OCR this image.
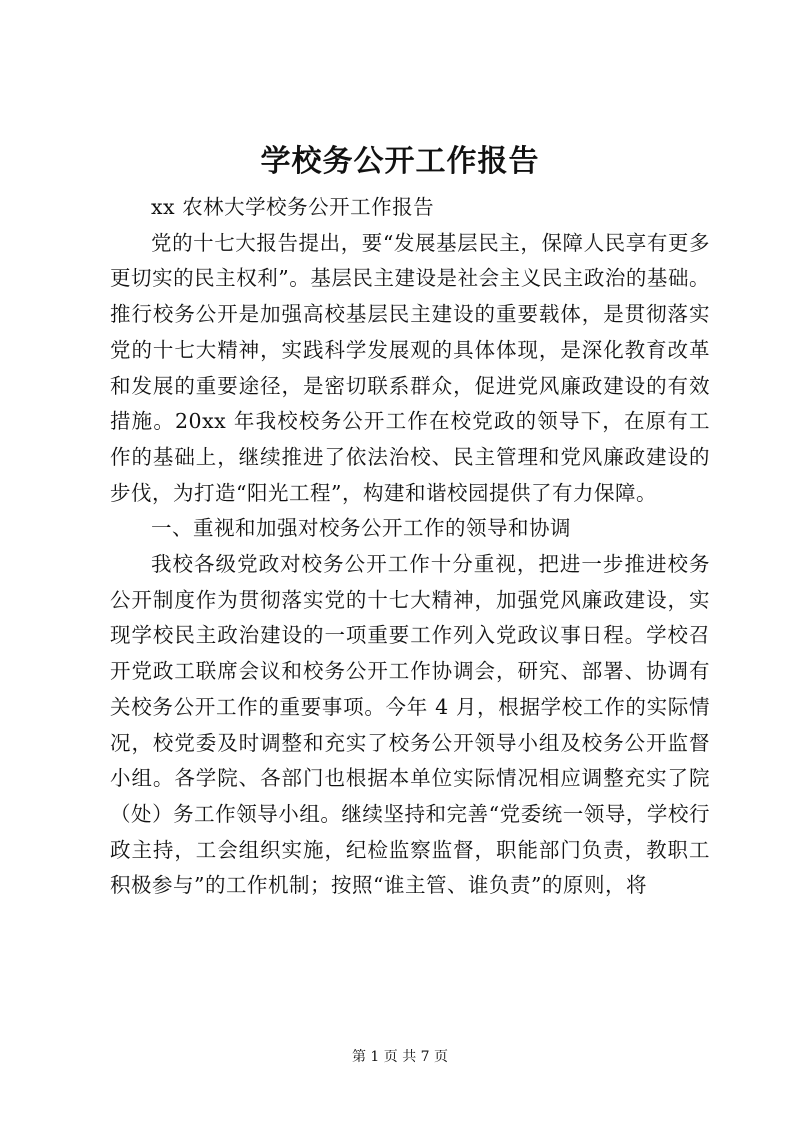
学校务公开工作报告

xx 农林大学校务公开工作报告

党的十七大报告提出，要“发展基层民主，保障人民享有更多更切实的民主权利”。基层民主建设是社会主义民主政治的基础。推行校务公开是加强高校基层民主建设的重要载体，是贯彻落实党的十七大精神，实践科学发展观的具体体现，是深化教育改革和发展的重要途径，是密切联系群众，促进党风廉政建设的有效措施。20xx 年我校校务公开工作在校党政的领导下，在原有工作的基础上，继续推进了依法治校、民主管理和党风廉政建设的步伐，为打造“阳光工程”，构建和谐校园提供了有力保障。

一、重视和加强对校务公开工作的领导和协调

我校各级党政对校务公开工作十分重视，把进一步推进校务公开制度作为贯彻落实党的十七大精神，加强党风廉政建设，实现学校民主政治建设的一项重要工作列入党政议事日程。学校召开党政工联席会议和校务公开工作协调会，研究、部署、协调有关校务公开工作的重要事项。今年 4 月，根据学校工作的实际情况，校党委及时调整和充实了校务公开领导小组及校务公开监督小组。各学院、各部门也根据本单位实际情况相应调整充实了院（处）务工作领导小组。继续坚持和完善“党委统一领导，学校行政主持，工会组织实施，纪检监察监督，职能部门负责，教职工积极参与”的工作机制；按照“谁主管、谁负责”的原则，将

第 1 页 共 7 页
